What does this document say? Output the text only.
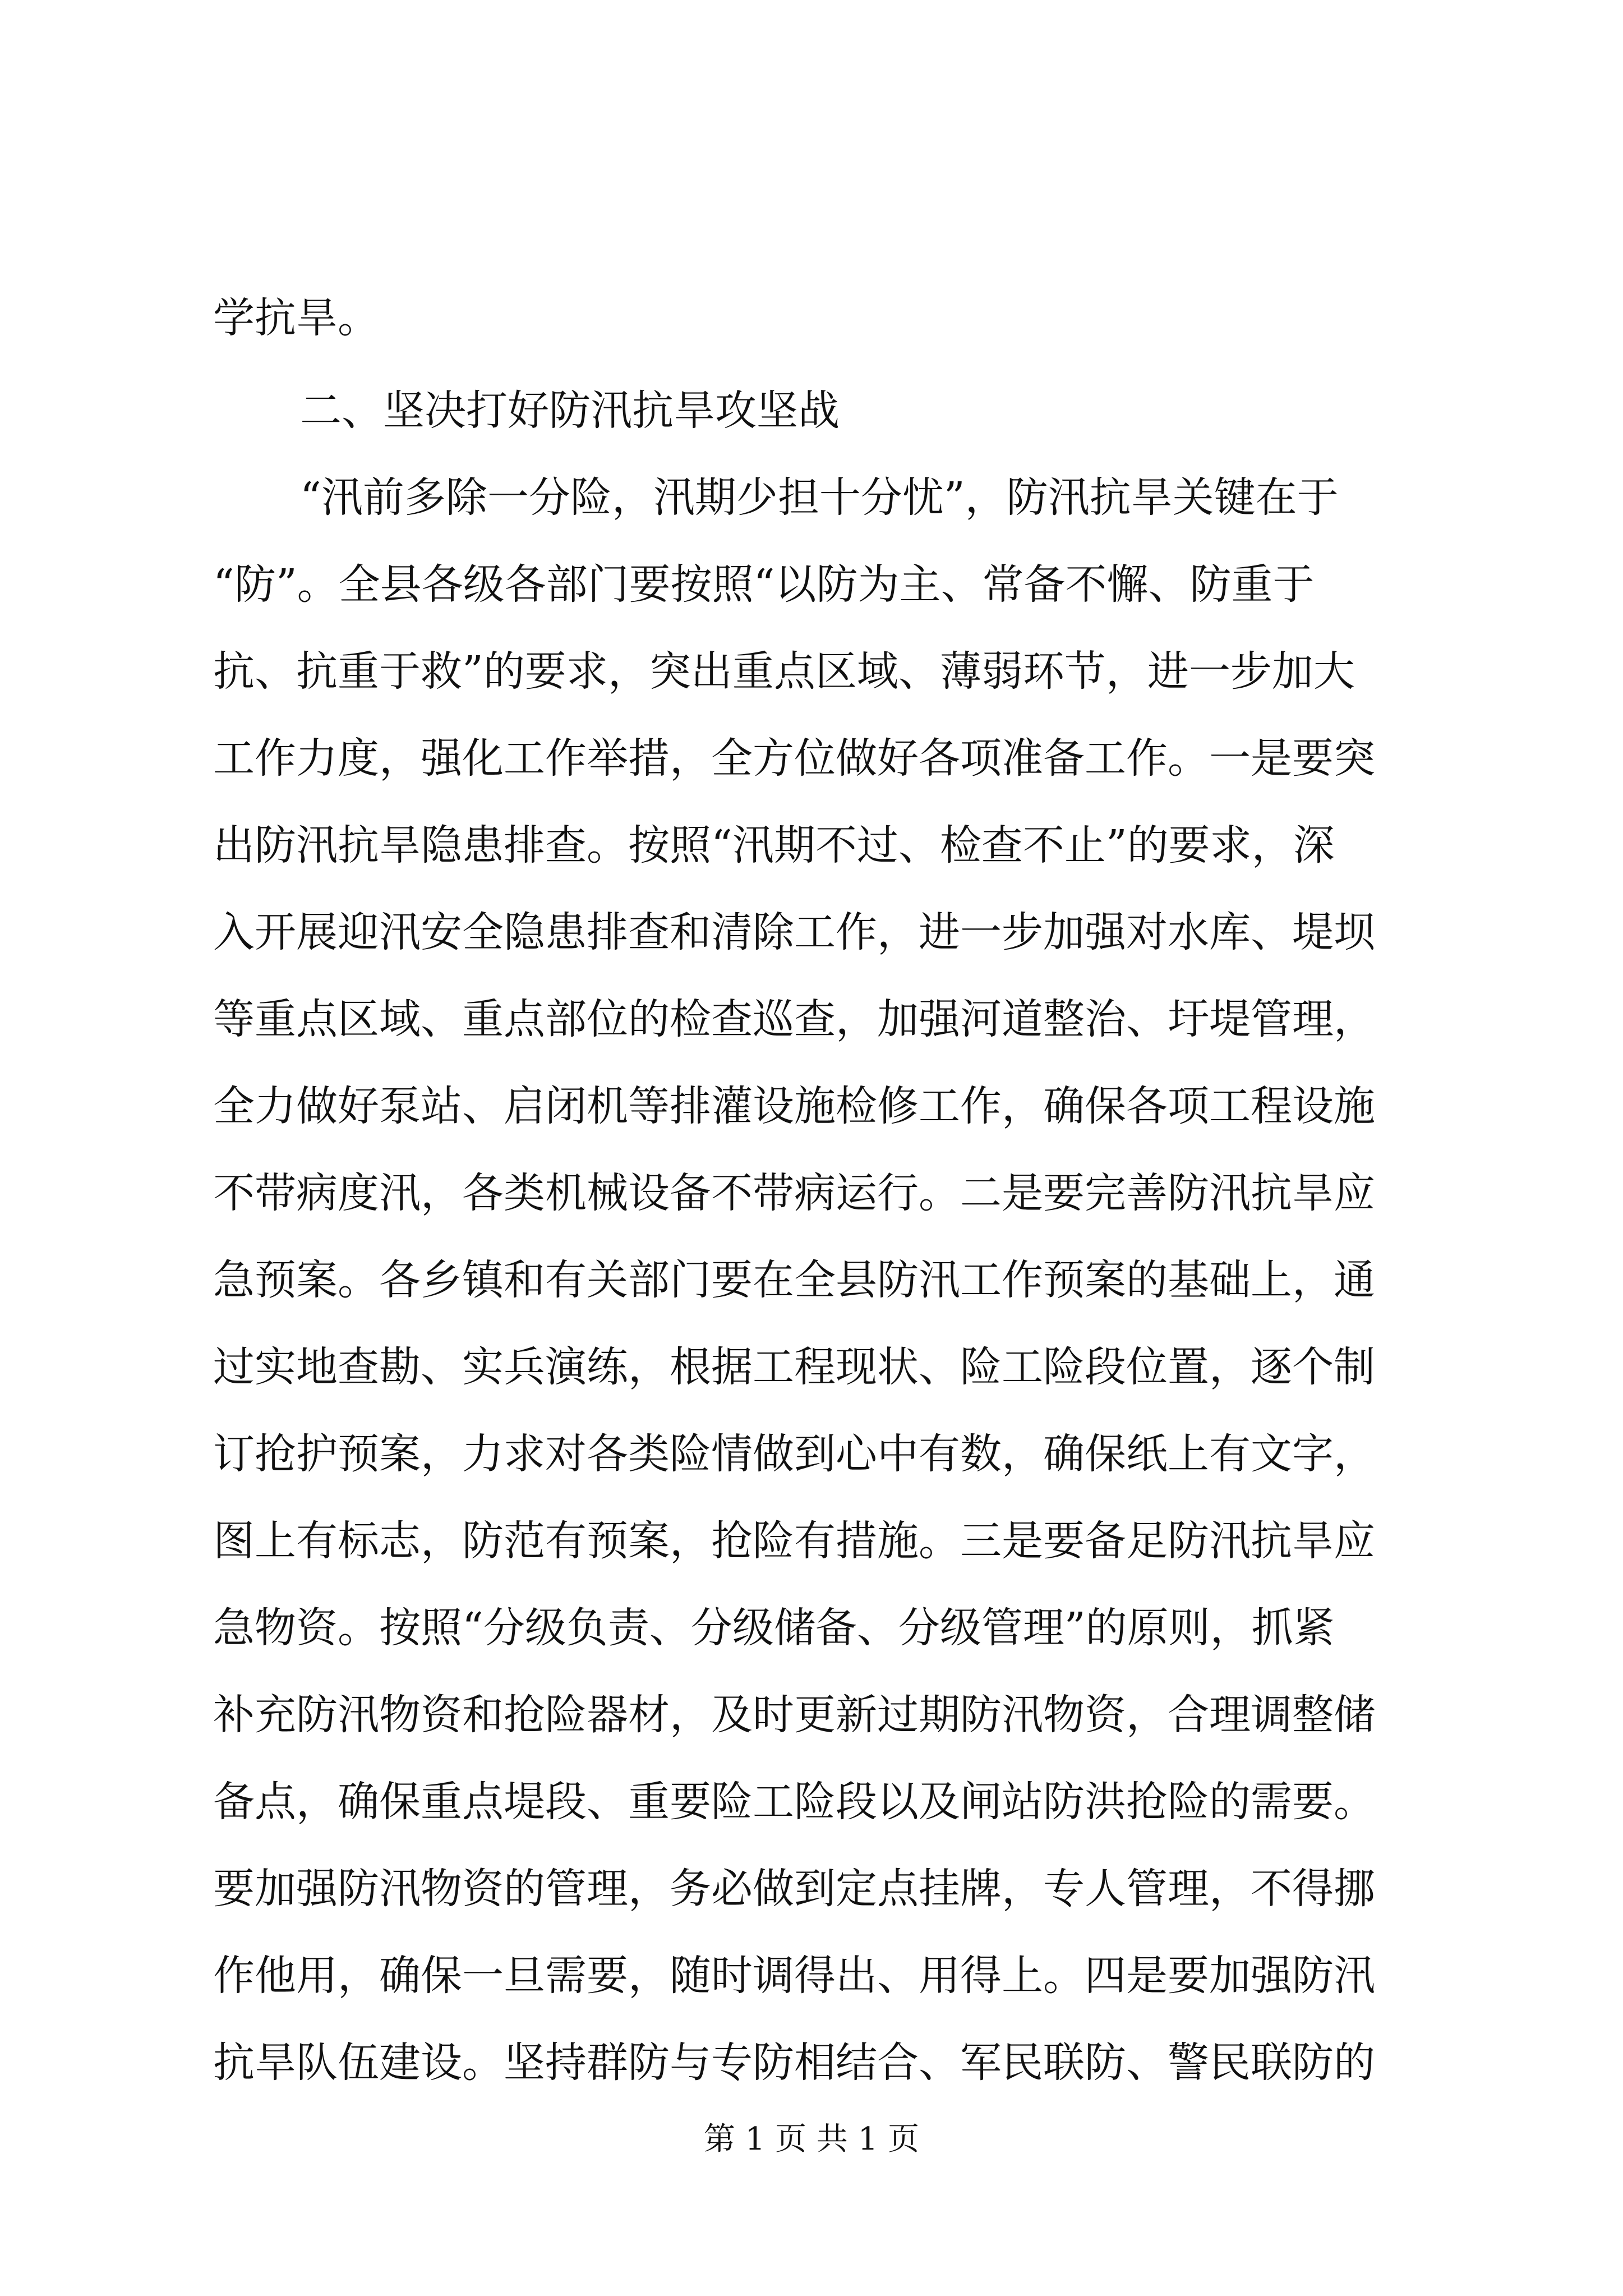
学抗旱。
二、坚决打好防汛抗旱攻坚战
“汛前多除一分险，汛期少担十分忧”，防汛抗旱关键在于
“防”。全县各级各部门要按照“以防为主、常备不懈、防重于
抗、抗重于救”的要求，突出重点区域、薄弱环节，进一步加大
工作力度，强化工作举措，全方位做好各项准备工作。一是要突
出防汛抗旱隐患排查。按照“汛期不过、检查不止”的要求，深
入开展迎汛安全隐患排查和清除工作，进一步加强对水库、堤坝
等重点区域、重点部位的检查巡查，加强河道整治、圩堤管理，
全力做好泵站、启闭机等排灌设施检修工作，确保各项工程设施
不带病度汛，各类机械设备不带病运行。二是要完善防汛抗旱应
急预案。各乡镇和有关部门要在全县防汛工作预案的基础上，通
过实地查勘、实兵演练，根据工程现状、险工险段位置，逐个制
订抢护预案，力求对各类险情做到心中有数，确保纸上有文字，
图上有标志，防范有预案，抢险有措施。三是要备足防汛抗旱应
急物资。按照“分级负责、分级储备、分级管理”的原则，抓紧
补充防汛物资和抢险器材，及时更新过期防汛物资，合理调整储
备点，确保重点堤段、重要险工险段以及闸站防洪抢险的需要。
要加强防汛物资的管理，务必做到定点挂牌，专人管理，不得挪
作他用，确保一旦需要，随时调得出、用得上。四是要加强防汛
抗旱队伍建设。坚持群防与专防相结合、军民联防、警民联防的
第 1 页 共 1 页
